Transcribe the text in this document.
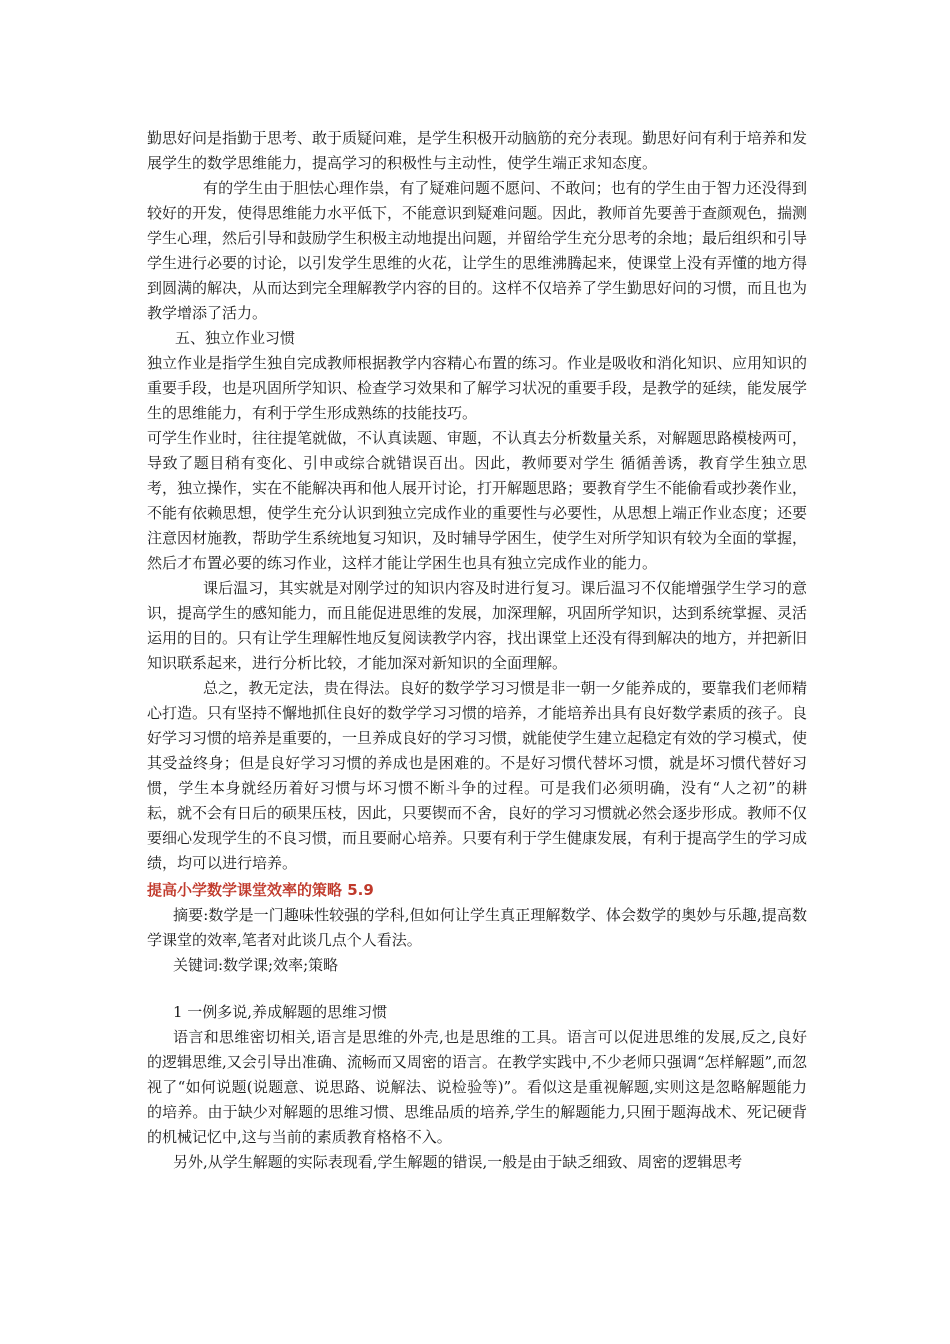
勤思好问是指勤于思考、敢于质疑问难，是学生积极开动脑筋的充分表现。勤思好问有利于培养和发展学生的数学思维能力，提高学习的积极性与主动性，使学生端正求知态度。

有的学生由于胆怯心理作祟，有了疑难问题不愿问、不敢问；也有的学生由于智力还没得到较好的开发，使得思维能力水平低下，不能意识到疑难问题。因此，教师首先要善于查颜观色，揣测学生心理，然后引导和鼓励学生积极主动地提出问题，并留给学生充分思考的余地；最后组织和引导学生进行必要的讨论，以引发学生思维的火花，让学生的思维沸腾起来，使课堂上没有弄懂的地方得到圆满的解决，从而达到完全理解教学内容的目的。这样不仅培养了学生勤思好问的习惯，而且也为教学增添了活力。

五、独立作业习惯

独立作业是指学生独自完成教师根据教学内容精心布置的练习。作业是吸收和消化知识、应用知识的重要手段，也是巩固所学知识、检查学习效果和了解学习状况的重要手段，是教学的延续，能发展学生的思维能力，有利于学生形成熟练的技能技巧。

可学生作业时，往往提笔就做，不认真读题、审题，不认真去分析数量关系，对解题思路模棱两可，导致了题目稍有变化、引申或综合就错误百出。因此，教师要对学生 循循善诱，教育学生独立思考，独立操作，实在不能解决再和他人展开讨论，打开解题思路；要教育学生不能偷看或抄袭作业，不能有依赖思想，使学生充分认识到独立完成作业的重要性与必要性，从思想上端正作业态度；还要注意因材施教，帮助学生系统地复习知识，及时辅导学困生，使学生对所学知识有较为全面的掌握，然后才布置必要的练习作业，这样才能让学困生也具有独立完成作业的能力。

课后温习，其实就是对刚学过的知识内容及时进行复习。课后温习不仅能增强学生学习的意识，提高学生的感知能力，而且能促进思维的发展，加深理解，巩固所学知识，达到系统掌握、灵活运用的目的。只有让学生理解性地反复阅读教学内容，找出课堂上还没有得到解决的地方，并把新旧知识联系起来，进行分析比较，才能加深对新知识的全面理解。

总之，教无定法，贵在得法。良好的数学学习习惯是非一朝一夕能养成的，要靠我们老师精心打造。只有坚持不懈地抓住良好的数学学习习惯的培养，才能培养出具有良好数学素质的孩子。良好学习习惯的培养是重要的，一旦养成良好的学习习惯，就能使学生建立起稳定有效的学习模式，使其受益终身；但是良好学习习惯的养成也是困难的。不是好习惯代替坏习惯，就是坏习惯代替好习惯，学生本身就经历着好习惯与坏习惯不断斗争的过程。可是我们必须明确，没有“人之初”的耕耘，就不会有日后的硕果压枝，因此，只要锲而不舍，良好的学习习惯就必然会逐步形成。教师不仅要细心发现学生的不良习惯，而且要耐心培养。只要有利于学生健康发展，有利于提高学生的学习成绩，均可以进行培养。

提高小学数学课堂效率的策略 5.9

摘要:数学是一门趣味性较强的学科,但如何让学生真正理解数学、体会数学的奥妙与乐趣,提高数学课堂的效率,笔者对此谈几点个人看法。

关键词:数学课;效率;策略

1 一例多说,养成解题的思维习惯

语言和思维密切相关,语言是思维的外壳,也是思维的工具。语言可以促进思维的发展,反之,良好的逻辑思维,又会引导出准确、流畅而又周密的语言。在教学实践中,不少老师只强调“怎样解题”,而忽视了“如何说题(说题意、说思路、说解法、说检验等)”。看似这是重视解题,实则这是忽略解题能力的培养。由于缺少对解题的思维习惯、思维品质的培养,学生的解题能力,只囿于题海战术、死记硬背的机械记忆中,这与当前的素质教育格格不入。

另外,从学生解题的实际表现看,学生解题的错误,一般是由于缺乏细致、周密的逻辑思考
